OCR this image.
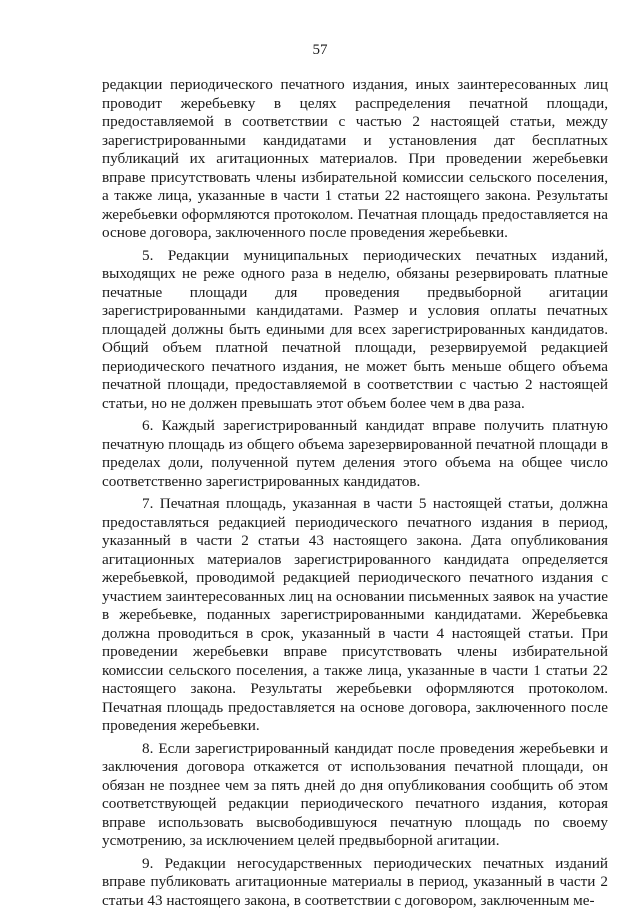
57

редакции периодического печатного издания, иных заинтересованных лиц проводит жеребьевку в целях распределения печатной площади, предоставляемой в соответствии с частью 2 настоящей статьи, между зарегистрированными кандидатами и установления дат бесплатных публикаций их агитационных материалов. При проведении жеребьевки вправе присутствовать члены избирательной комиссии сельского поселения, а также лица, указанные в части 1 статьи 22 настоящего закона. Результаты жеребьевки оформляются протоколом. Печатная площадь предоставляется на основе договора, заключенного после проведения жеребьевки.

5. Редакции муниципальных периодических печатных изданий, выходящих не реже одного раза в неделю, обязаны резервировать платные печатные площади для проведения предвыборной агитации зарегистрированными кандидатами. Размер и условия оплаты печатных площадей должны быть едиными для всех зарегистрированных кандидатов. Общий объем платной печатной площади, резервируемой редакцией периодического печатного издания, не может быть меньше общего объема печатной площади, предоставляемой в соответствии с частью 2 настоящей статьи, но не должен превышать этот объем более чем в два раза.

6. Каждый зарегистрированный кандидат вправе получить платную печатную площадь из общего объема зарезервированной печатной площади в пределах доли, полученной путем деления этого объема на общее число соответственно зарегистрированных кандидатов.

7. Печатная площадь, указанная в части 5 настоящей статьи, должна предоставляться редакцией периодического печатного издания в период, указанный в части 2 статьи 43 настоящего закона. Дата опубликования агитационных материалов зарегистрированного кандидата определяется жеребьевкой, проводимой редакцией периодического печатного издания с участием заинтересованных лиц на основании письменных заявок на участие в жеребьевке, поданных зарегистрированными кандидатами. Жеребьевка должна проводиться в срок, указанный в части 4 настоящей статьи. При проведении жеребьевки вправе присутствовать члены избирательной комиссии сельского поселения, а также лица, указанные в части 1 статьи 22 настоящего закона. Результаты жеребьевки оформляются протоколом. Печатная площадь предоставляется на основе договора, заключенного после проведения жеребьевки.

8. Если зарегистрированный кандидат после проведения жеребьевки и заключения договора откажется от использования печатной площади, он обязан не позднее чем за пять дней до дня опубликования сообщить об этом соответствующей редакции периодического печатного издания, которая вправе использовать высвободившуюся печатную площадь по своему усмотрению, за исключением целей предвыборной агитации.

9. Редакции негосударственных периодических печатных изданий вправе публиковать агитационные материалы в период, указанный в части 2 статьи 43 настоящего закона, в соответствии с договором, заключенным ме-
